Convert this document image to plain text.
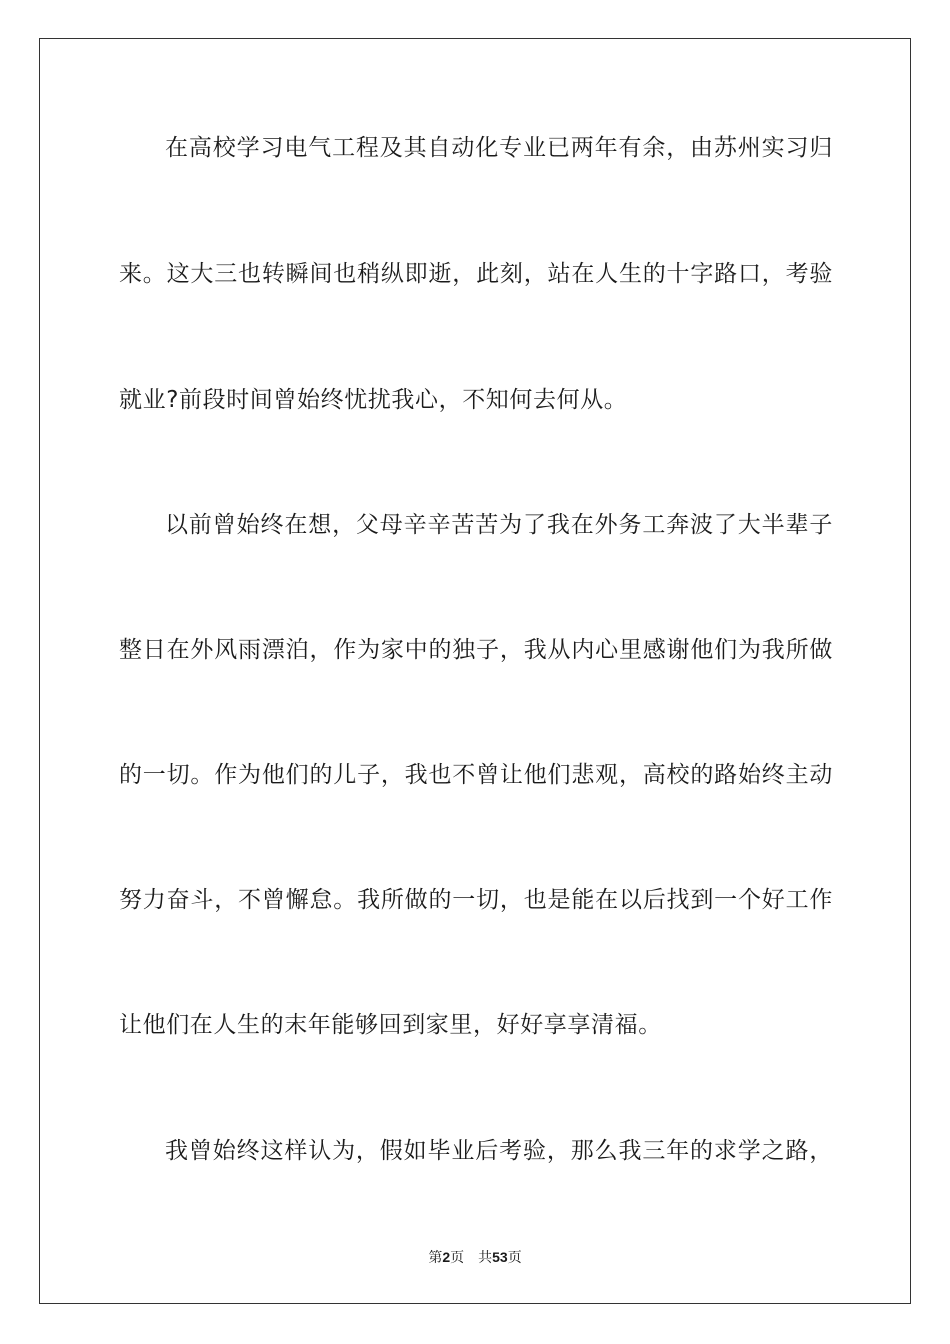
在高校学习电气工程及其自动化专业已两年有余，由苏州实习归

来。这大三也转瞬间也稍纵即逝，此刻，站在人生的十字路口，考验

就业?前段时间曾始终忧扰我心，不知何去何从。

以前曾始终在想，父母辛辛苦苦为了我在外务工奔波了大半辈子

整日在外风雨漂泊，作为家中的独子，我从内心里感谢他们为我所做

的一切。作为他们的儿子，我也不曾让他们悲观，高校的路始终主动

努力奋斗，不曾懈怠。我所做的一切，也是能在以后找到一个好工作

让他们在人生的末年能够回到家里，好好享享清福。

我曾始终这样认为，假如毕业后考验，那么我三年的求学之路，

第2页 共53页
